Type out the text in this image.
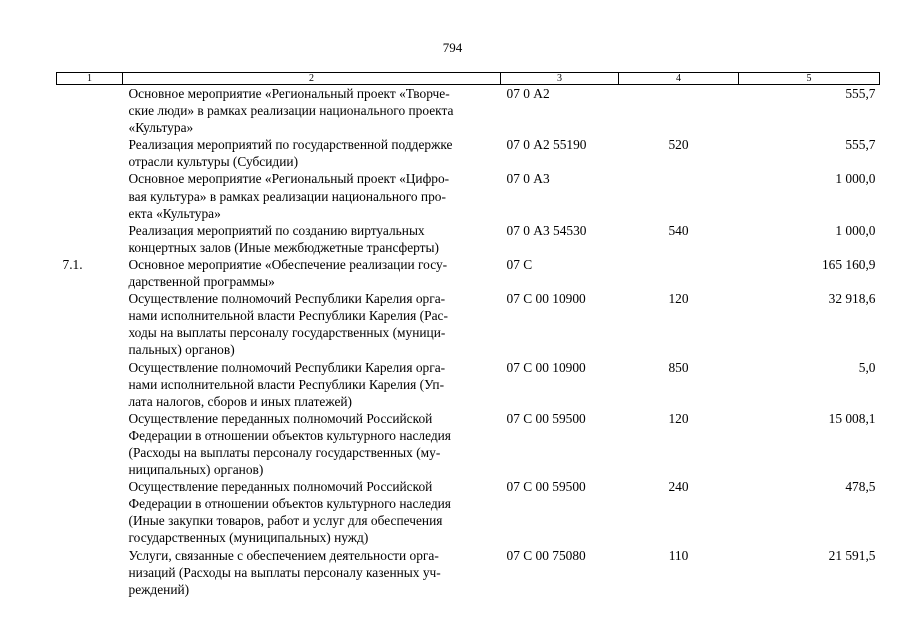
794
1	2	3	4	5

	Основное мероприятие «Региональный проект «Творче-
ские люди» в рамках реализации национального проекта
«Культура»	07 0 А2		555,7

	Реализация мероприятий по государственной поддержке
отрасли культуры (Субсидии)	07 0 А2 55190	520	555,7

	Основное мероприятие «Региональный проект «Цифро-
вая культура» в рамках реализации национального про-
екта «Культура»	07 0 А3		1 000,0

	Реализация мероприятий по созданию виртуальных
концертных залов (Иные межбюджетные трансферты)	07 0 А3 54530	540	1 000,0
7.1.	Основное мероприятие «Обеспечение реализации госу-
дарственной программы»	07 С		165 160,9

	Осуществление полномочий Республики Карелия орга-
нами исполнительной власти Республики Карелия (Рас-
ходы на выплаты персоналу государственных (муници-
пальных) органов)	07 С 00 10900	120	32 918,6

	Осуществление полномочий Республики Карелия орга-
нами исполнительной власти Республики Карелия (Уп-
лата налогов, сборов и иных платежей)	07 С 00 10900	850	5,0

	Осуществление переданных полномочий Российской
Федерации в отношении объектов культурного наследия
(Расходы на выплаты персоналу государственных (му-
ниципальных) органов)	07 С 00 59500	120	15 008,1

	Осуществление переданных полномочий Российской
Федерации в отношении объектов культурного наследия
(Иные закупки товаров, работ и услуг для обеспечения
государственных (муниципальных) нужд)	07 С 00 59500	240	478,5

	Услуги, связанные с обеспечением деятельности орга-
низаций (Расходы на выплаты персоналу казенных уч-
реждений)	07 С 00 75080	110	21 591,5
